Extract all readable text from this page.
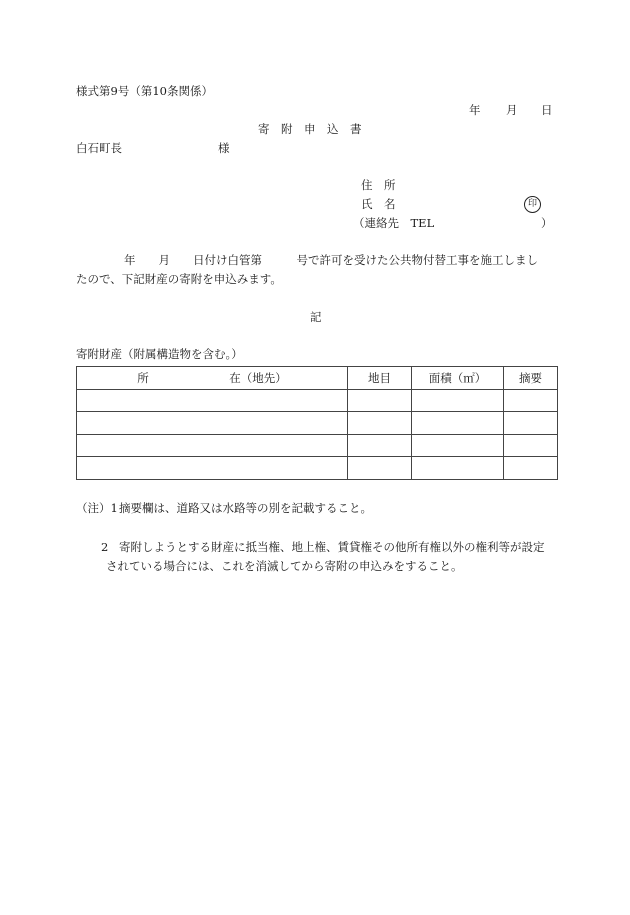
様式第9号（第10条関係）
年 月 日
寄　附　申　込　書
白石町長	様
住　所
氏　名	印
（連絡先　TEL	）
年　　月　　日付け白管第　　　号で許可を受けた公共物付替工事を施工しまし
たので、下記財産の寄附を申込みます。
記
寄附財産（附属構造物を含む。）
所　　　　　　　在（地先）	地目	面積（㎡）	摘要

（注）1 摘要欄は、道路又は水路等の別を記載すること。
2 寄附しようとする財産に抵当権、地上権、賃貸権その他所有権以外の権利等が設定
されている場合には、これを消滅してから寄附の申込みをすること。
